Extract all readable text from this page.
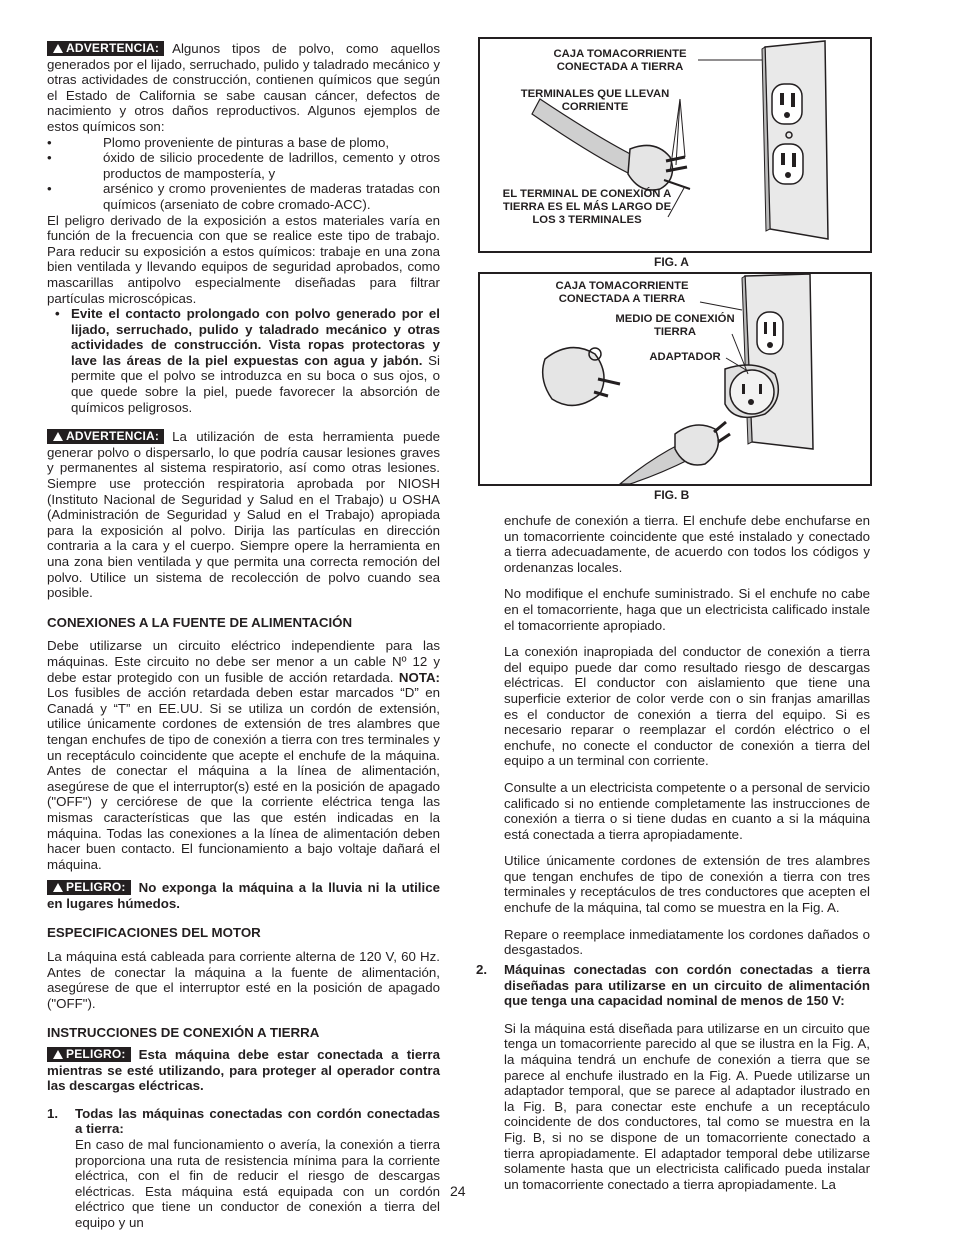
ADVERTENCIA: Algunos tipos de polvo, como aquellos generados por el lijado, serruchado, pulido y taladrado mecánico y otras actividades de construcción, contienen químicos que según el Estado de California se sabe causan cáncer, defectos de nacimiento y otros daños reproductivos. Algunos ejemplos de estos químicos son:

•	Plomo proveniente de pinturas a base de plomo,
•	óxido de silicio procedente de ladrillos, cemento y otros productos de mampostería, y
•	arsénico y cromo provenientes de maderas tratadas con químicos (arseniato de cobre cromado-ACC).

El peligro derivado de la exposición a estos materiales varía en función de la frecuencia con que se realice este tipo de trabajo. Para reducir su exposición a estos químicos: trabaje en una zona bien ventilada y llevando equipos de seguridad aprobados, como mascarillas antipolvo especialmente diseñadas para filtrar partículas microscópicas.

• Evite el contacto prolongado con polvo generado por el lijado, serruchado, pulido y taladrado mecánico y otras actividades de construcción. Vista ropas protectoras y lave las áreas de la piel expuestas con agua y jabón. Si permite que el polvo se introduzca en su boca o sus ojos, o que quede sobre la piel, puede favorecer la absorción de químicos peligrosos.

ADVERTENCIA: La utilización de esta herramienta puede generar polvo o dispersarlo, lo que podría causar lesiones graves y permanentes al sistema respiratorio, así como otras lesiones. Siempre use protección respiratoria aprobada por NIOSH (Instituto Nacional de Seguridad y Salud en el Trabajo) u OSHA (Administración de Seguridad y Salud en el Trabajo) apropiada para la exposición al polvo. Dirija las partículas en dirección contraria a la cara y el cuerpo. Siempre opere la herramienta en una zona bien ventilada y que permita una correcta remoción del polvo. Utilice un sistema de recolección de polvo cuando sea posible.

CONEXIONES A LA FUENTE DE ALIMENTACIÓN

Debe utilizarse un circuito eléctrico independiente para las máquinas. Este circuito no debe ser menor a un cable Nº 12 y debe estar protegido con un fusible de acción retardada. NOTA: Los fusibles de acción retardada deben estar marcados “D” en Canadá y “T” en EE.UU. Si se utiliza un cordón de extensión, utilice únicamente cordones de extensión de tres alambres que tengan enchufes de tipo de conexión a tierra con tres terminales y un receptáculo coincidente que acepte el enchufe de la máquina. Antes de conectar el máquina a la línea de alimentación, asegúrese de que el interruptor(s) esté en la posición de apagado ("OFF") y cerciórese de que la corriente eléctrica tenga las mismas características que las que estén indicadas en la máquina. Todas las conexiones a la línea de alimentación deben hacer buen contacto. El funcionamiento a bajo voltaje dañará el máquina.

PELIGRO: No exponga la máquina a la lluvia ni la utilice en lugares húmedos.

ESPECIFICACIONES DEL MOTOR

La máquina está cableada para corriente alterna de 120 V, 60 Hz. Antes de conectar la máquina a la fuente de alimentación, asegúrese de que el interruptor esté en la posición de apagado ("OFF").

INSTRUCCIONES DE CONEXIÓN A TIERRA

PELIGRO: Esta máquina debe estar conectada a tierra mientras se esté utilizando, para proteger al operador contra las descargas eléctricas.

1.	Todas las máquinas conectadas con cordón conectadas a tierra:

En caso de mal funcionamiento o avería, la conexión a tierra proporciona una ruta de resistencia mínima para la corriente eléctrica, con el fin de reducir el riesgo de descargas eléctricas. Esta máquina está equipada con un cordón eléctrico que tiene un conductor de conexión a tierra del equipo y un

CAJA TOMACORRIENTE CONECTADA A TIERRA
TERMINALES QUE LLEVAN CORRIENTE
EL TERMINAL DE CONEXIÓN A TIERRA ES EL MÁS LARGO DE LOS 3 TERMINALES
FIG. A
CAJA TOMACORRIENTE CONECTADA A TIERRA
MEDIO DE CONEXIÓN TIERRA
ADAPTADOR
FIG. B

enchufe de conexión a tierra. El enchufe debe enchufarse en un tomacorriente coincidente que esté instalado y conectado a tierra adecuadamente, de acuerdo con todos los códigos y ordenanzas locales.

No modifique el enchufe suministrado. Si el enchufe no cabe en el tomacorriente, haga que un electricista calificado instale el tomacorriente apropiado.

La conexión inapropiada del conductor de conexión a tierra del equipo puede dar como resultado riesgo de descargas eléctricas. El conductor con aislamiento que tiene una superficie exterior de color verde con o sin franjas amarillas es el conductor de conexión a tierra del equipo. Si es necesario reparar o reemplazar el cordón eléctrico o el enchufe, no conecte el conductor de conexión a tierra del equipo a un terminal con corriente.

Consulte a un electricista competente o a personal de servicio calificado si no entiende completamente las instrucciones de conexión a tierra o si tiene dudas en cuanto a si la máquina está conectada a tierra apropiadamente.

Utilice únicamente cordones de extensión de tres alambres que tengan enchufes de tipo de conexión a tierra con tres terminales y receptáculos de tres conductores que acepten el enchufe de la máquina, tal como se muestra en la Fig. A.

Repare o reemplace inmediatamente los cordones dañados o desgastados.

2.	Máquinas conectadas con cordón conectadas a tierra diseñadas para utilizarse en un circuito de alimentación que tenga una capacidad nominal de menos de 150 V:

Si la máquina está diseñada para utilizarse en un circuito que tenga un tomacorriente parecido al que se ilustra en la Fig. A, la máquina tendrá un enchufe de conexión a tierra que se parece al enchufe ilustrado en la Fig. A. Puede utilizarse un adaptador temporal, que se parece al adaptador ilustrado en la Fig. B, para conectar este enchufe a un receptáculo coincidente de dos conductores, tal como se muestra en la Fig. B, si no se dispone de un tomacorriente conectado a tierra apropiadamente. El adaptador temporal debe utilizarse solamente hasta que un electricista calificado pueda instalar un tomacorriente conectado a tierra apropiadamente. La

24
